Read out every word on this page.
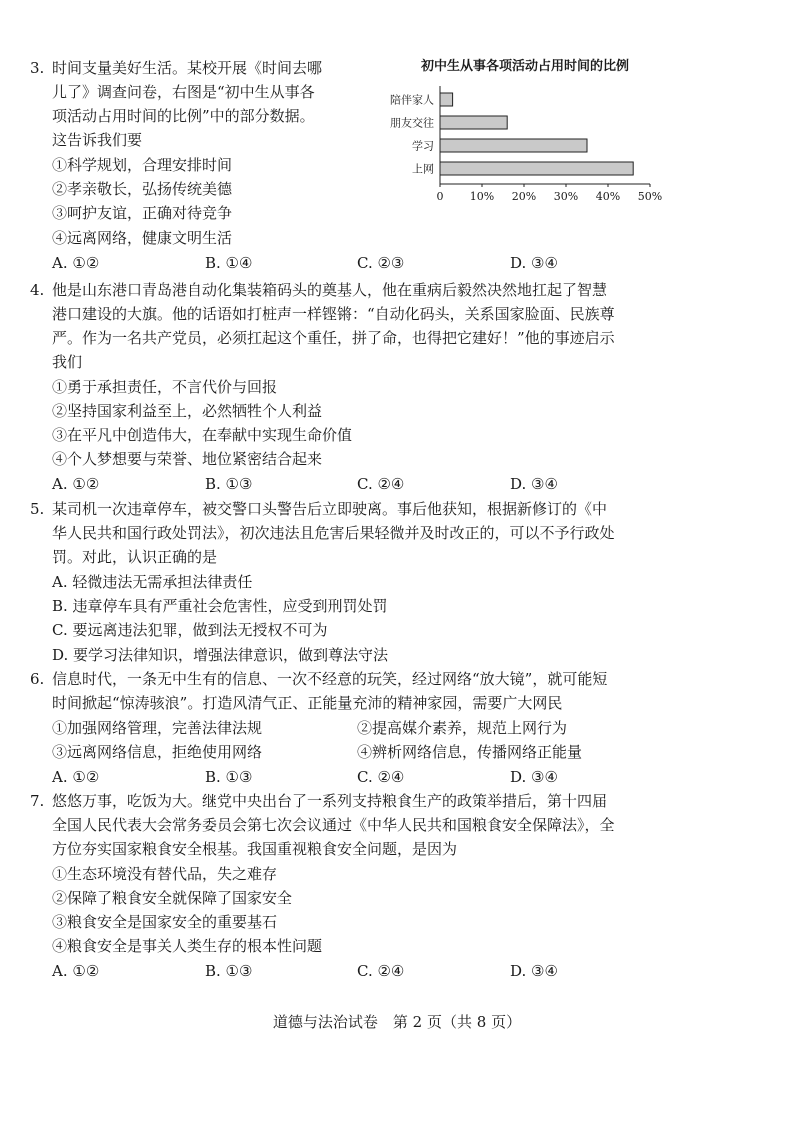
3. 时间支量美好生活。某校开展《时间去哪
儿了》调查问卷，右图是“初中生从事各
项活动占用时间的比例”中的部分数据。
这告诉我们要
①科学规划，合理安排时间
②孝亲敬长，弘扬传统美德
③呵护友谊，正确对待竞争
④远离网络，健康文明生活
A. ①②	B. ①④	C. ②③	D. ③④
初中生从事各项活动占用时间的比例
陪伴家人
朋友交往
学习
上网
0 10% 20% 30% 40% 50%
4. 他是山东港口青岛港自动化集装箱码头的奠基人，他在重病后毅然决然地扛起了智慧
港口建设的大旗。他的话语如打桩声一样铿锵：“自动化码头，关系国家脸面、民族尊
严。作为一名共产党员，必须扛起这个重任，拼了命，也得把它建好！”他的事迹启示
我们
①勇于承担责任，不言代价与回报
②坚持国家利益至上，必然牺牲个人利益
③在平凡中创造伟大，在奉献中实现生命价值
④个人梦想要与荣誉、地位紧密结合起来
A. ①②	B. ①③	C. ②④	D. ③④
5. 某司机一次违章停车，被交警口头警告后立即驶离。事后他获知，根据新修订的《中
华人民共和国行政处罚法》，初次违法且危害后果轻微并及时改正的，可以不予行政处
罚。对此，认识正确的是
A. 轻微违法无需承担法律责任
B. 违章停车具有严重社会危害性，应受到刑罚处罚
C. 要远离违法犯罪，做到法无授权不可为
D. 要学习法律知识，增强法律意识，做到尊法守法
6. 信息时代，一条无中生有的信息、一次不经意的玩笑，经过网络“放大镜”，就可能短
时间掀起“惊涛骇浪”。打造风清气正、正能量充沛的精神家园，需要广大网民
①加强网络管理，完善法律法规	②提高媒介素养，规范上网行为
③远离网络信息，拒绝使用网络	④辨析网络信息，传播网络正能量
A. ①②	B. ①③	C. ②④	D. ③④
7. 悠悠万事，吃饭为大。继党中央出台了一系列支持粮食生产的政策举措后，第十四届
全国人民代表大会常务委员会第七次会议通过《中华人民共和国粮食安全保障法》，全
方位夯实国家粮食安全根基。我国重视粮食安全问题，是因为
①生态环境没有替代品，失之难存
②保障了粮食安全就保障了国家安全
③粮食安全是国家安全的重要基石
④粮食安全是事关人类生存的根本性问题
A. ①②	B. ①③	C. ②④	D. ③④
道德与法治试卷　第 2 页（共 8 页）
